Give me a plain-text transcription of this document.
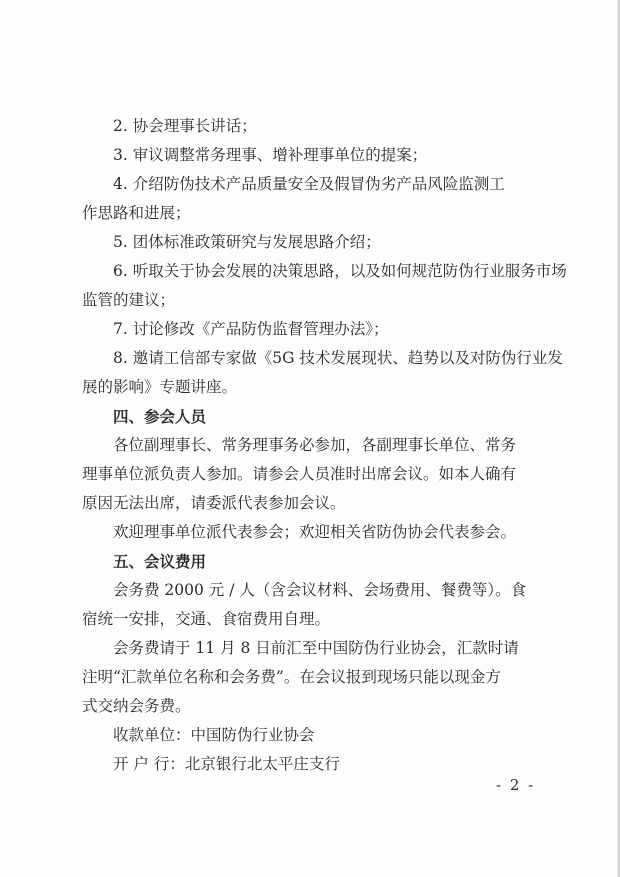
2. 协会理事长讲话；

3. 审议调整常务理事、增补理事单位的提案；

4. 介绍防伪技术产品质量安全及假冒伪劣产品风险监测工

作思路和进展；

5. 团体标准政策研究与发展思路介绍；

6. 听取关于协会发展的决策思路，以及如何规范防伪行业服务市场

监管的建议；

7. 讨论修改《产品防伪监督管理办法》；

8. 邀请工信部专家做《5G 技术发展现状、趋势以及对防伪行业发

展的影响》专题讲座。

四、参会人员

各位副理事长、常务理事务必参加，各副理事长单位、常务

理事单位派负责人参加。请参会人员准时出席会议。如本人确有

原因无法出席，请委派代表参加会议。

欢迎理事单位派代表参会；欢迎相关省防伪协会代表参会。

五、会议费用

会务费 2000 元 / 人（含会议材料、会场费用、餐费等）。食

宿统一安排，交通、食宿费用自理。

会务费请于 11 月 8 日前汇至中国防伪行业协会，汇款时请

注明“汇款单位名称和会务费”。在会议报到现场只能以现金方

式交纳会务费。

收款单位：中国防伪行业协会

开 户 行：北京银行北太平庄支行

- 2 -
